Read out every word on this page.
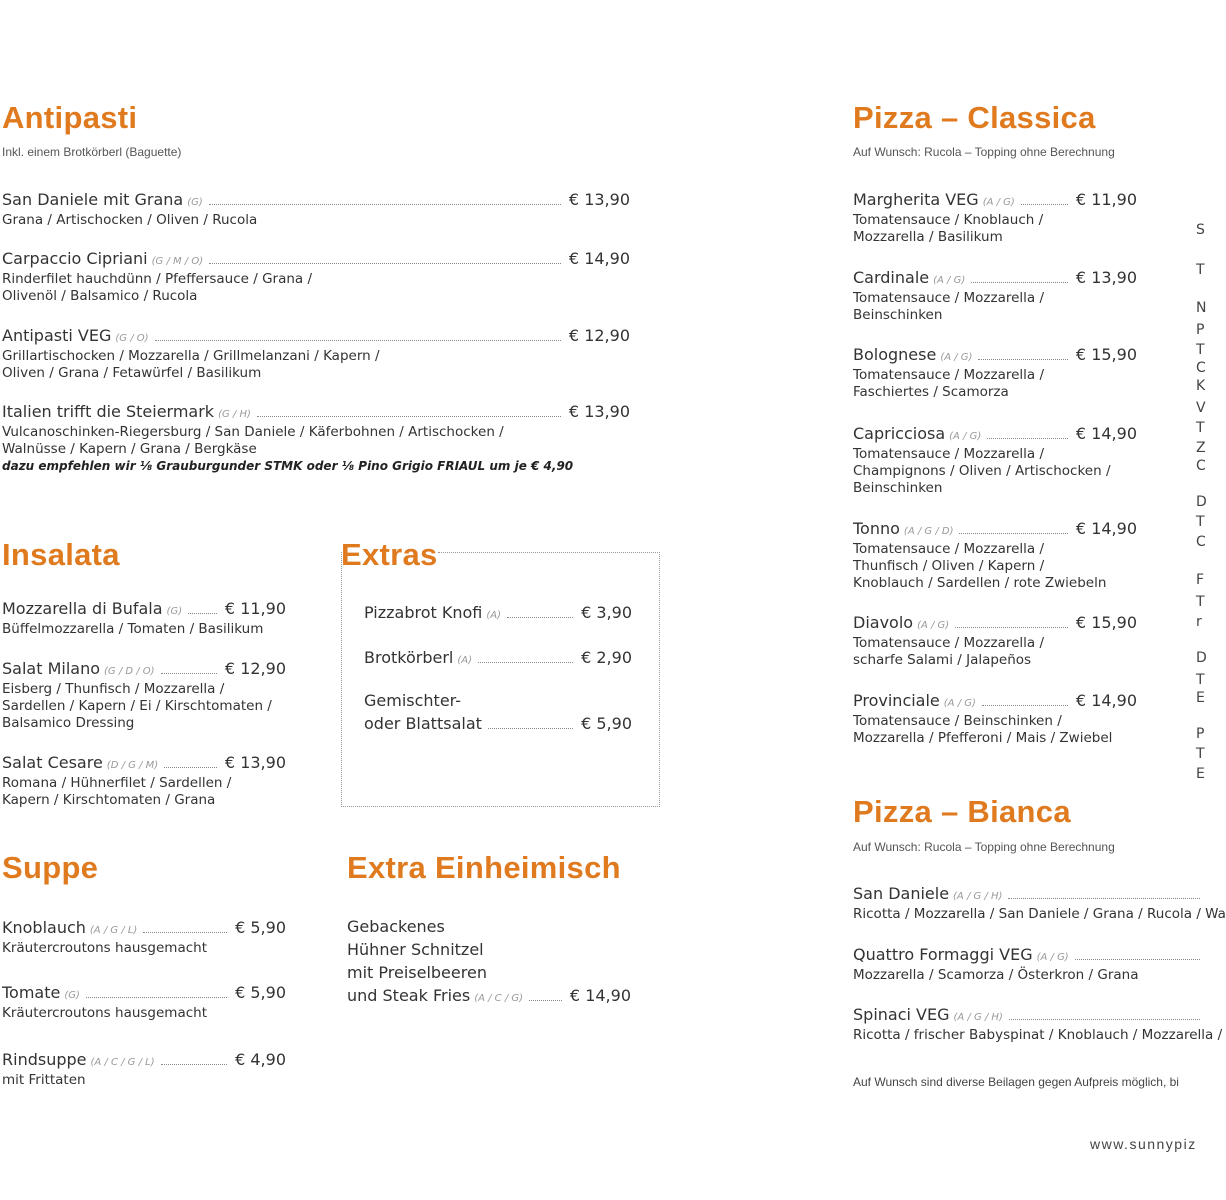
Antipasti
Inkl. einem Brotkörberl (Baguette)
San Daniele mit Grana (G)	€ 13,90
Grana / Artischocken / Oliven / Rucola
Carpaccio Cipriani (G / M / O)	€ 14,90
Rinderfilet hauchdünn / Pfeffersauce / Grana /
Olivenöl / Balsamico / Rucola
Antipasti VEG (G / O)	€ 12,90
Grillartischocken / Mozzarella / Grillmelanzani / Kapern /
Oliven / Grana / Fetawürfel / Basilikum
Italien trifft die Steiermark (G / H)	€ 13,90
Vulcanoschinken-Riegersburg / San Daniele / Käferbohnen / Artischocken /
Walnüsse / Kapern / Grana / Bergkäse
dazu empfehlen wir ⅛ Grauburgunder STMK oder ⅛ Pino Grigio FRIAUL um je € 4,90
Insalata
Mozzarella di Bufala (G)	€ 11,90
Büffelmozzarella / Tomaten / Basilikum
Salat Milano (G / D / O)	€ 12,90
Eisberg / Thunfisch / Mozzarella /
Sardellen / Kapern / Ei / Kirschtomaten /
Balsamico Dressing
Salat Cesare (D / G / M)	€ 13,90
Romana / Hühnerfilet / Sardellen /
Kapern / Kirschtomaten / Grana
Extras
Pizzabrot Knofi (A)	€ 3,90
Brotkörberl (A)	€ 2,90
Gemischter-
oder Blattsalat	€ 5,90
Suppe
Knoblauch (A / G / L)	€ 5,90
Kräutercroutons hausgemacht
Tomate (G)	€ 5,90
Kräutercroutons hausgemacht
Rindsuppe (A / C / G / L)	€ 4,90
mit Frittaten
Extra Einheimisch
Gebackenes
Hühner Schnitzel
mit Preiselbeeren
und Steak Fries (A / C / G)	€ 14,90
Pizza – Classica
Auf Wunsch: Rucola – Topping ohne Berechnung
Margherita VEG (A / G)	€ 11,90
Tomatensauce / Knoblauch /
Mozzarella / Basilikum
Cardinale (A / G)	€ 13,90
Tomatensauce / Mozzarella /
Beinschinken
Bolognese (A / G)	€ 15,90
Tomatensauce / Mozzarella /
Faschiertes / Scamorza
Capricciosa (A / G)	€ 14,90
Tomatensauce / Mozzarella /
Champignons / Oliven / Artischocken /
Beinschinken
Tonno (A / G / D)	€ 14,90
Tomatensauce / Mozzarella /
Thunfisch / Oliven / Kapern /
Knoblauch / Sardellen / rote Zwiebeln
Diavolo (A / G)	€ 15,90
Tomatensauce / Mozzarella /
scharfe Salami / Jalapeños
Provinciale (A / G)	€ 14,90
Tomatensauce / Beinschinken /
Mozzarella / Pfefferoni / Mais / Zwiebel
Pizza – Bianca
Auf Wunsch: Rucola – Topping ohne Berechnung
San Daniele (A / G / H)
Ricotta / Mozzarella / San Daniele / Grana / Rucola / Wa
Quattro Formaggi VEG (A / G)
Mozzarella / Scamorza / Österkron / Grana
Spinaci VEG (A / G / H)
Ricotta / frischer Babyspinat / Knoblauch / Mozzarella /
Auf Wunsch sind diverse Beilagen gegen Aufpreis möglich, bi
www.sunnypiz
S
T
N
P
T
C
K
V
T
Z
C
D
T
C
F
T
r
D
T
E
P
T
E
